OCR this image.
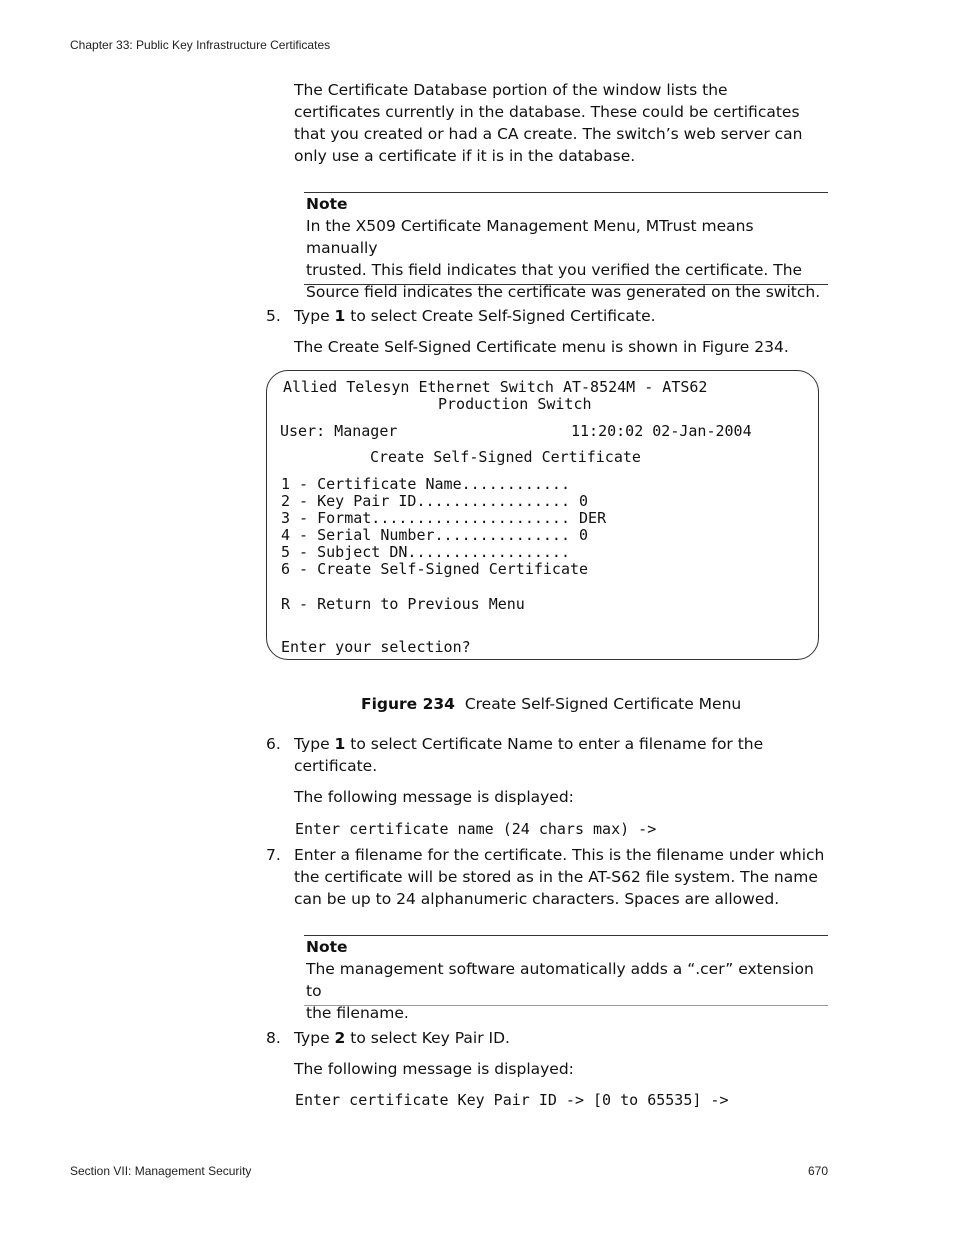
Chapter 33: Public Key Infrastructure Certificates
The Certificate Database portion of the window lists the
certificates currently in the database. These could be certificates
that you created or had a CA create. The switch’s web server can
only use a certificate if it is in the database.
Note
In the X509 Certificate Management Menu, MTrust means manually
trusted. This field indicates that you verified the certificate. The
Source field indicates the certificate was generated on the switch.
5. Type 1 to select Create Self-Signed Certificate.
The Create Self-Signed Certificate menu is shown in Figure 234.
Allied Telesyn Ethernet Switch AT-8524M - ATS62
Production Switch
User: Manager	11:20:02 02-Jan-2004
Create Self-Signed Certificate
1 - Certificate Name............
2 - Key Pair ID................. 0
3 - Format...................... DER
4 - Serial Number............... 0
5 - Subject DN..................
6 - Create Self-Signed Certificate
R - Return to Previous Menu
Enter your selection?
Figure 234 Create Self-Signed Certificate Menu
6. Type 1 to select Certificate Name to enter a filename for the
certificate.
The following message is displayed:
Enter certificate name (24 chars max) ->
7. Enter a filename for the certificate. This is the filename under which
the certificate will be stored as in the AT-S62 file system. The name
can be up to 24 alphanumeric characters. Spaces are allowed.
Note
The management software automatically adds a “.cer” extension to
the filename.
8. Type 2 to select Key Pair ID.
The following message is displayed:
Enter certificate Key Pair ID -> [0 to 65535] ->
Section VII: Management Security	670
